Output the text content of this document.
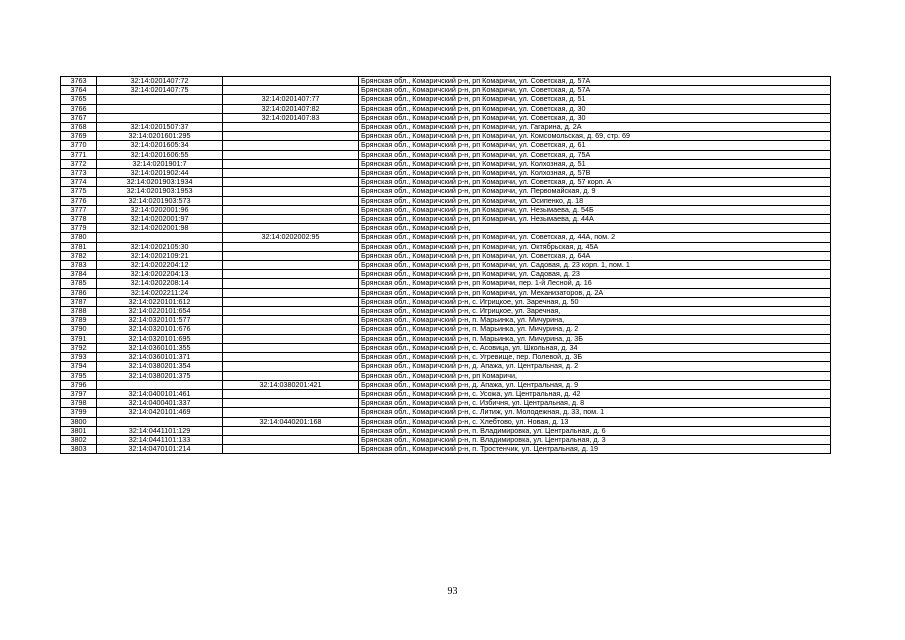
3763	32:14:0201407:72		Брянская обл., Комаричский р-н, рп Комаричи, ул. Советская, д. 57А
3764	32:14:0201407:75		Брянская обл., Комаричский р-н, рп Комаричи, ул. Советская, д. 57А
3765		32:14:0201407:77	Брянская обл., Комаричский р-н, рп Комаричи, ул. Советская, д. 51
3766		32:14:0201407:82	Брянская обл., Комаричский р-н, рп Комаричи, ул. Советская, д. 30
3767		32:14:0201407:83	Брянская обл., Комаричский р-н, рп Комаричи, ул. Советская, д. 30
3768	32:14:0201507:37		Брянская обл., Комаричский р-н, рп Комаричи, ул. Гагарина, д. 2А
3769	32:14:0201601:295		Брянская обл., Комаричский р-н, рп Комаричи, ул. Комсомольская, д. 69, стр. 69
3770	32:14:0201605:34		Брянская обл., Комаричский р-н, рп Комаричи, ул. Советская, д. 61
3771	32:14:0201606:55		Брянская обл., Комаричский р-н, рп Комаричи, ул. Советская, д. 75А
3772	32:14:0201901:7		Брянская обл., Комаричский р-н, рп Комаричи, ул. Колхозная, д. 51
3773	32:14:0201902:44		Брянская обл., Комаричский р-н, рп Комаричи, ул. Колхозная, д. 57В
3774	32:14:0201903:1934		Брянская обл., Комаричский р-н, рп Комаричи, ул. Советская, д. 57 корп. А
3775	32:14:0201903:1953		Брянская обл., Комаричский р-н, рп Комаричи, ул. Первомайская, д. 9
3776	32:14:0201903:573		Брянская обл., Комаричский р-н, рп Комаричи, ул. Осипенко, д. 18
3777	32:14:0202001:96		Брянская обл., Комаричский р-н, рп Комаричи, ул. Незымаева, д. 54Б
3778	32:14:0202001:97		Брянская обл., Комаричский р-н, рп Комаричи, ул. Незымаева, д. 44А
3779	32:14:0202001:98		Брянская обл., Комаричский р-н,
3780		32:14:0202002:95	Брянская обл., Комаричский р-н, рп Комаричи, ул. Советская, д. 44А, пом. 2
3781	32:14:0202105:30		Брянская обл., Комаричский р-н, рп Комаричи, ул. Октябрьская, д. 45А
3782	32:14:0202109:21		Брянская обл., Комаричский р-н, рп Комаричи, ул. Советская, д. 64А
3783	32:14:0202204:12		Брянская обл., Комаричский р-н, рп Комаричи, ул. Садовая, д. 23 корп. 1, пом. 1
3784	32:14:0202204:13		Брянская обл., Комаричский р-н, рп Комаричи, ул. Садовая, д. 23
3785	32:14:0202208:14		Брянская обл., Комаричский р-н, рп Комаричи, пер. 1-й Лесной, д. 16
3786	32:14:0202211:24		Брянская обл., Комаричский р-н, рп Комаричи, ул. Механизаторов, д. 2А
3787	32:14:0220101:612		Брянская обл., Комаричский р-н, с. Игрицкое, ул. Заречная, д. 50
3788	32:14:0220101:654		Брянская обл., Комаричский р-н, с. Игрицкое, ул. Заречная,
3789	32:14:0320101:577		Брянская обл., Комаричский р-н, п. Марьинка, ул. Мичурина,
3790	32:14:0320101:676		Брянская обл., Комаричский р-н, п. Марьинка, ул. Мичурина, д. 2
3791	32:14:0320101:695		Брянская обл., Комаричский р-н, п. Марьинка, ул. Мичурина, д. 3Б
3792	32:14:0360101:355		Брянская обл., Комаричский р-н, с. Асовица, ул. Школьная, д. 34
3793	32:14:0360101:371		Брянская обл., Комаричский р-н, с. Угревище, пер. Полевой, д. 3Б
3794	32:14:0380201:354		Брянская обл., Комаричский р-н, д. Апажа, ул. Центральная, д. 2
3795	32:14:0380201:375		Брянская обл., Комаричский р-н, рп Комаричи,
3796		32:14:0380201:421	Брянская обл., Комаричский р-н, д. Апажа, ул. Центральная, д. 9
3797	32:14:0400101:461		Брянская обл., Комаричский р-н, с. Усожа, ул. Центральная, д. 42
3798	32:14:0400401:337		Брянская обл., Комаричский р-н, с. Избичня, ул. Центральная, д. 8
3799	32:14:0420101:469		Брянская обл., Комаричский р-н, с. Литиж, ул. Молодежная, д. 33, пом. 1
3800		32:14:0440201:168	Брянская обл., Комаричский р-н, с. Хлебтово, ул. Новая, д. 13
3801	32:14:0441101:129		Брянская обл., Комаричский р-н, п. Владимировка, ул. Центральная, д. 6
3802	32:14:0441101:133		Брянская обл., Комаричский р-н, п. Владимировка, ул. Центральная, д. 3
3803	32:14:0470101:214		Брянская обл., Комаричский р-н, п. Тростенчик, ул. Центральная, д. 19
93
